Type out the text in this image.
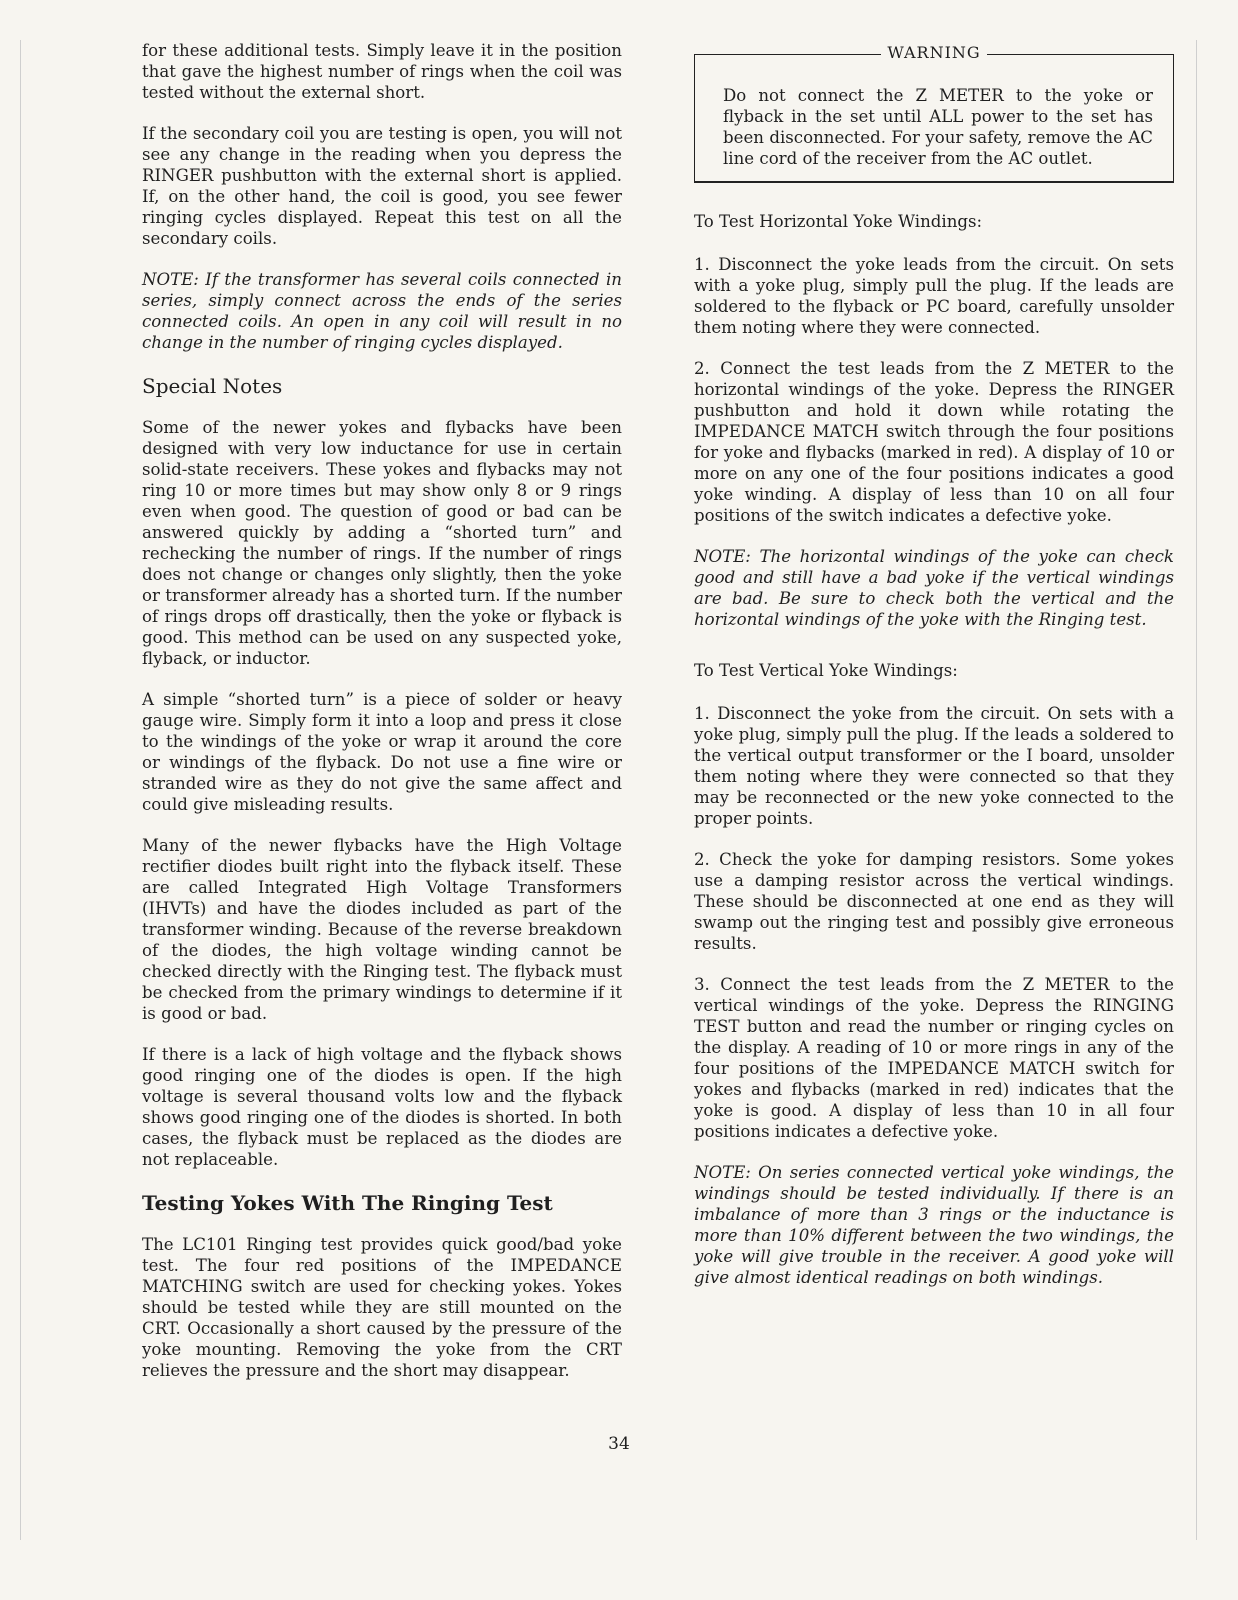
for these additional tests. Simply leave it in the position that gave the highest number of rings when the coil was tested without the external short.

If the secondary coil you are testing is open, you will not see any change in the reading when you depress the RINGER pushbutton with the external short is applied. If, on the other hand, the coil is good, you see fewer ringing cycles displayed. Repeat this test on all the secondary coils.

NOTE: If the transformer has several coils connected in series, simply connect across the ends of the series connected coils. An open in any coil will result in no change in the number of ringing cycles displayed.

Special Notes

Some of the newer yokes and flybacks have been designed with very low inductance for use in certain solid-state receivers. These yokes and flybacks may not ring 10 or more times but may show only 8 or 9 rings even when good. The question of good or bad can be answered quickly by adding a “shorted turn” and rechecking the number of rings. If the number of rings does not change or changes only slightly, then the yoke or transformer already has a shorted turn. If the number of rings drops off drastically, then the yoke or flyback is good. This method can be used on any suspected yoke, flyback, or inductor.

A simple “shorted turn” is a piece of solder or heavy gauge wire. Simply form it into a loop and press it close to the windings of the yoke or wrap it around the core or windings of the flyback. Do not use a fine wire or stranded wire as they do not give the same affect and could give misleading results.

Many of the newer flybacks have the High Voltage rectifier diodes built right into the flyback itself. These are called Integrated High Voltage Transformers (IHVTs) and have the diodes included as part of the transformer winding. Because of the reverse breakdown of the diodes, the high voltage winding cannot be checked directly with the Ringing test. The flyback must be checked from the primary windings to determine if it is good or bad.

If there is a lack of high voltage and the flyback shows good ringing one of the diodes is open. If the high voltage is several thousand volts low and the flyback shows good ringing one of the diodes is shorted. In both cases, the flyback must be replaced as the diodes are not replaceable.

Testing Yokes With The Ringing Test

The LC101 Ringing test provides quick good/bad yoke test. The four red positions of the IMPEDANCE MATCHING switch are used for checking yokes. Yokes should be tested while they are still mounted on the CRT. Occasionally a short caused by the pressure of the yoke mounting. Removing the yoke from the CRT relieves the pressure and the short may disappear.

WARNING

Do not connect the Z METER to the yoke or flyback in the set until ALL power to the set has been disconnected. For your safety, remove the AC line cord of the receiver from the AC outlet.

To Test Horizontal Yoke Windings:

1. Disconnect the yoke leads from the circuit. On sets with a yoke plug, simply pull the plug. If the leads are soldered to the flyback or PC board, carefully unsolder them noting where they were connected.

2. Connect the test leads from the Z METER to the horizontal windings of the yoke. Depress the RINGER pushbutton and hold it down while rotating the IMPEDANCE MATCH switch through the four positions for yoke and flybacks (marked in red). A display of 10 or more on any one of the four positions indicates a good yoke winding. A display of less than 10 on all four positions of the switch indicates a defective yoke.

NOTE: The horizontal windings of the yoke can check good and still have a bad yoke if the vertical windings are bad. Be sure to check both the vertical and the horizontal windings of the yoke with the Ringing test.

To Test Vertical Yoke Windings:

1. Disconnect the yoke from the circuit. On sets with a yoke plug, simply pull the plug. If the leads a soldered to the vertical output transformer or the I board, unsolder them noting where they were connected so that they may be reconnected or the new yoke connected to the proper points.

2. Check the yoke for damping resistors. Some yokes use a damping resistor across the vertical windings. These should be disconnected at one end as they will swamp out the ringing test and possibly give erroneous results.

3. Connect the test leads from the Z METER to the vertical windings of the yoke. Depress the RINGING TEST button and read the number or ringing cycles on the display. A reading of 10 or more rings in any of the four positions of the IMPEDANCE MATCH switch for yokes and flybacks (marked in red) indicates that the yoke is good. A display of less than 10 in all four positions indicates a defective yoke.

NOTE: On series connected vertical yoke windings, the windings should be tested individually. If there is an imbalance of more than 3 rings or the inductance is more than 10% different between the two windings, the yoke will give trouble in the receiver. A good yoke will give almost identical readings on both windings.

34
